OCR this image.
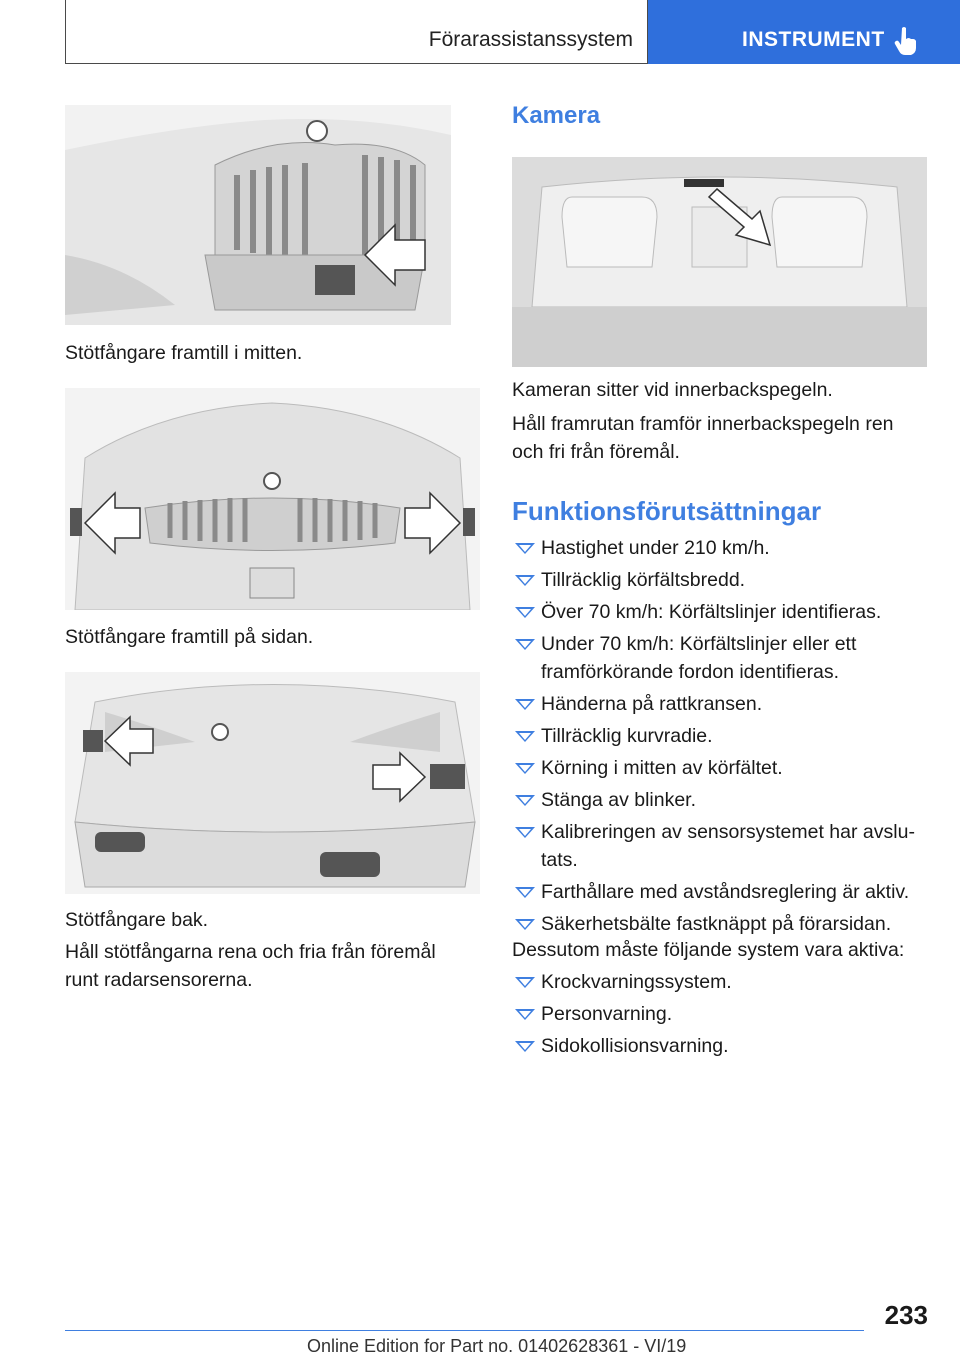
Förarassistanssystem	INSTRUMENT

Stötfångare framtill i mitten.

Stötfångare framtill på sidan.

Stötfångare bak.

Håll stötfångarna rena och fria från föremål runt radarsensorerna.

Kamera

Kameran sitter vid innerbackspegeln.

Håll framrutan framför innerbackspegeln ren och fri från föremål.

Funktionsförutsättningar
Hastighet under 210 km/h.
Tillräcklig körfältsbredd.
Över 70 km/h: Körfältslinjer identifieras.
Under 70 km/h: Körfältslinjer eller ett framförkörande fordon identifieras.
Händerna på rattkransen.
Tillräcklig kurvradie.
Körning i mitten av körfältet.
Stänga av blinker.
Kalibreringen av sensorsystemet har avslutats.
Farthållare med avståndsreglering är aktiv.
Säkerhetsbälte fastknäppt på förarsidan.

Dessutom måste följande system vara aktiva:

Krockvarningssystem.
Personvarning.
Sidokollisionsvarning.
233
Online Edition for Part no. 01402628361 - VI/19
